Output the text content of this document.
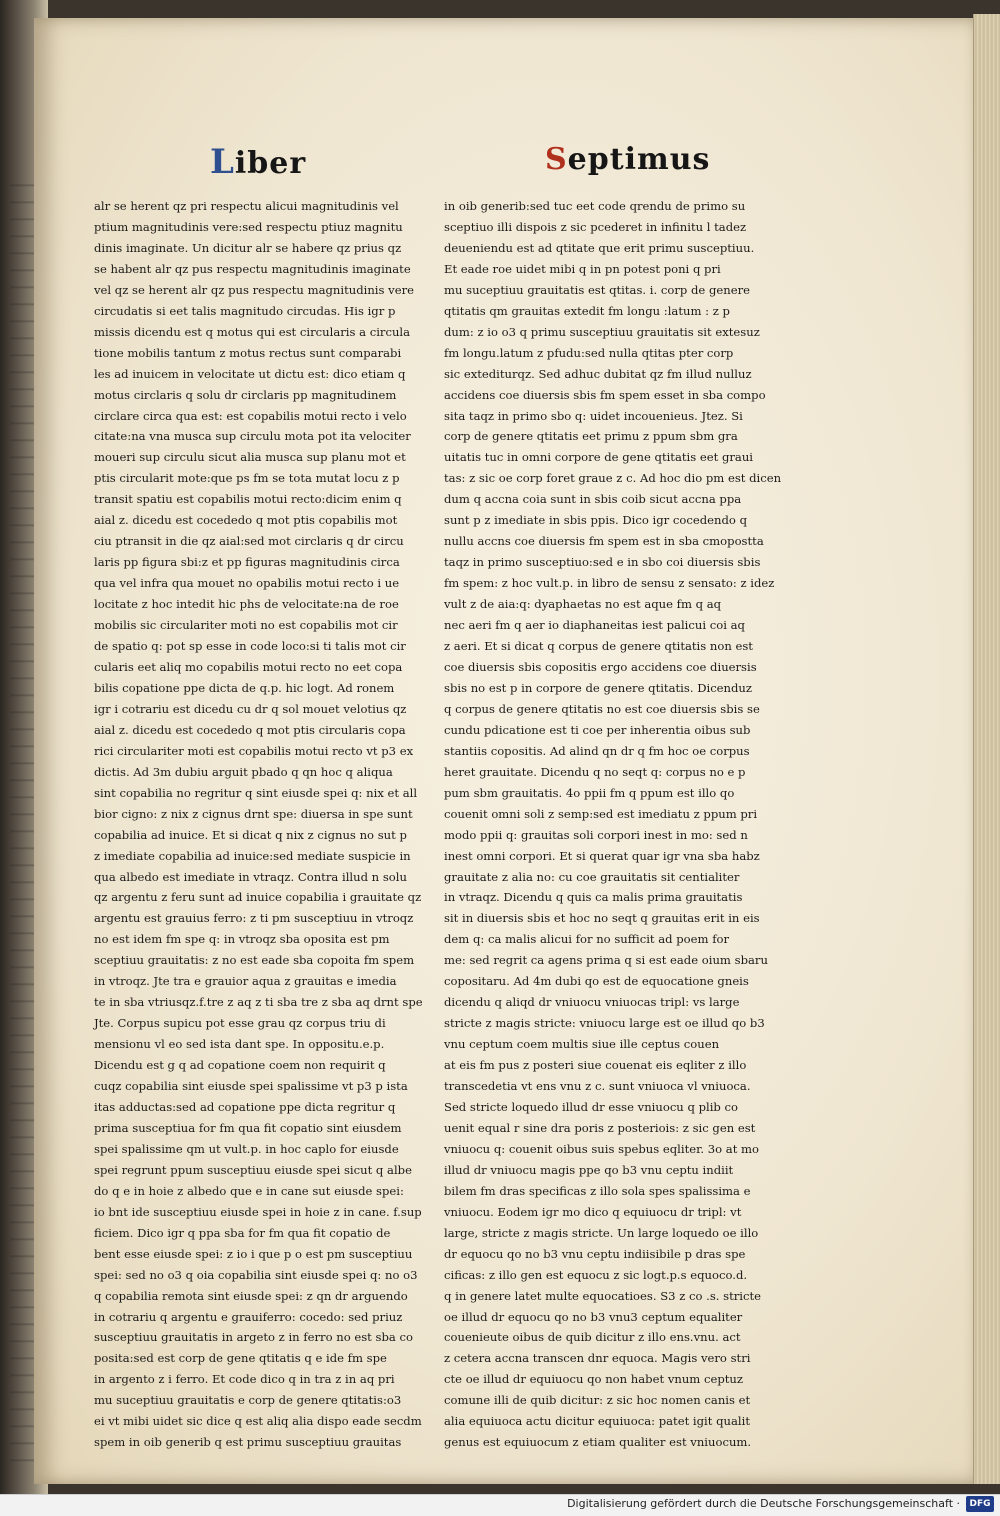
Liber	Septimus
alr se herent qz pri respectu alicui magnitudinis vel
ptium magnitudinis vere:sed respectu ptiuz magnitu
dinis imaginate. Un dicitur alr se habere qz prius qz
se habent alr qz pus respectu magnitudinis imaginate
vel qz se herent alr qz pus respectu magnitudinis vere
circudatis si eet talis magnitudo circudas. His igr p
missis dicendu est q motus qui est circularis a circula
tione mobilis tantum z motus rectus sunt comparabi
les ad inuicem in velocitate ut dictu est: dico etiam q
motus circlaris q solu dr circlaris pp magnitudinem
circlare circa qua est: est copabilis motui recto i velo
citate:na vna musca sup circulu mota pot ita velociter
moueri sup circulu sicut alia musca sup planu mot et
ptis circularit mote:que ps fm se tota mutat locu z p
transit spatiu est copabilis motui recto:dicim enim q
aial z. dicedu est cocededo q mot ptis copabilis mot
ciu ptransit in die qz aial:sed mot circlaris q dr circu
laris pp figura sbi:z et pp figuras magnitudinis circa
qua vel infra qua mouet no opabilis motui recto i ue
locitate z hoc intedit hic phs de velocitate:na de roe
mobilis sic circulariter moti no est copabilis mot cir
de spatio q: pot sp esse in code loco:si ti talis mot cir
cularis eet aliq mo copabilis motui recto no eet copa
bilis copatione ppe dicta de q.p. hic logt. Ad ronem
igr i cotrariu est dicedu cu dr q sol mouet velotius qz
aial z. dicedu est cocededo q mot ptis circularis copa
rici circulariter moti est copabilis motui recto vt p3 ex
dictis. Ad 3m dubiu arguit pbado q qn hoc q aliqua
sint copabilia no regritur q sint eiusde spei q: nix et all
bior cigno: z nix z cignus drnt spe: diuersa in spe sunt
copabilia ad inuice. Et si dicat q nix z cignus no sut p
z imediate copabilia ad inuice:sed mediate suspicie in
qua albedo est imediate in vtraqz. Contra illud n solu
qz argentu z feru sunt ad inuice copabilia i grauitate qz
argentu est grauius ferro: z ti pm susceptiuu in vtroqz
no est idem fm spe q: in vtroqz sba oposita est pm
sceptiuu grauitatis: z no est eade sba copoita fm spem
in vtroqz. Jte tra e grauior aqua z grauitas e imedia
te in sba vtriusqz.f.tre z aq z ti sba tre z sba aq drnt spe
Jte. Corpus supicu pot esse grau qz corpus triu di
mensionu vl eo sed ista dant spe. In oppositu.e.p.
Dicendu est g q ad copatione coem non requirit q
cuqz copabilia sint eiusde spei spalissime vt p3 p ista
itas adductas:sed ad copatione ppe dicta regritur q
prima susceptiua for fm qua fit copatio sint eiusdem
spei spalissime qm ut vult.p. in hoc caplo for eiusde
spei regrunt ppum susceptiuu eiusde spei sicut q albe
do q e in hoie z albedo que e in cane sut eiusde spei:
io bnt ide susceptiuu eiusde spei in hoie z in cane. f.sup
ficiem. Dico igr q ppa sba for fm qua fit copatio de
bent esse eiusde spei: z io i que p o est pm susceptiuu
spei: sed no o3 q oia copabilia sint eiusde spei q: no o3
q copabilia remota sint eiusde spei: z qn dr arguendo
in cotrariu q argentu e grauiferro: cocedo: sed priuz
susceptiuu grauitatis in argeto z in ferro no est sba co
posita:sed est corp de gene qtitatis q e ide fm spe
in argento z i ferro. Et code dico q in tra z in aq pri
mu suceptiuu grauitatis e corp de genere qtitatis:o3
ei vt mibi uidet sic dice q est aliq alia dispo eade secdm
spem in oib generib q est primu susceptiuu grauitas
in oib generib:sed tuc eet code qrendu de primo su
sceptiuo illi dispois z sic pcederet in infinitu l tadez
deueniendu est ad qtitate que erit primu susceptiuu.
Et eade roe uidet mibi q in pn potest poni q pri
mu suceptiuu grauitatis est qtitas. i. corp de genere
qtitatis qm grauitas extedit fm longu :latum : z p
dum: z io o3 q primu susceptiuu grauitatis sit extesuz
fm longu.latum z pfudu:sed nulla qtitas pter corp
sic extediturqz. Sed adhuc dubitat qz fm illud nulluz
accidens coe diuersis sbis fm spem esset in sba compo
sita taqz in primo sbo q: uidet incouenieus. Jtez. Si
corp de genere qtitatis eet primu z ppum sbm gra
uitatis tuc in omni corpore de gene qtitatis eet graui
tas: z sic oe corp foret graue z c. Ad hoc dio pm est dicen
dum q accna coia sunt in sbis coib sicut accna ppa
sunt p z imediate in sbis ppis. Dico igr cocedendo q
nullu accns coe diuersis fm spem est in sba cmopostta
taqz in primo susceptiuo:sed e in sbo coi diuersis sbis
fm spem: z hoc vult.p. in libro de sensu z sensato: z idez
vult z de aia:q: dyaphaetas no est aque fm q aq
nec aeri fm q aer io diaphaneitas iest palicui coi aq
z aeri. Et si dicat q corpus de genere qtitatis non est
coe diuersis sbis copositis ergo accidens coe diuersis
sbis no est p in corpore de genere qtitatis. Dicenduz
q corpus de genere qtitatis no est coe diuersis sbis se
cundu pdicatione est ti coe per inherentia oibus sub
stantiis copositis. Ad alind qn dr q fm hoc oe corpus
heret grauitate. Dicendu q no seqt q: corpus no e p
pum sbm grauitatis. 4o ppii fm q ppum est illo qo
couenit omni soli z semp:sed est imediatu z ppum pri
modo ppii q: grauitas soli corpori inest in mo: sed n
inest omni corpori. Et si querat quar igr vna sba habz
grauitate z alia no: cu coe grauitatis sit centialiter
in vtraqz. Dicendu q quis ca malis prima grauitatis
sit in diuersis sbis et hoc no seqt q grauitas erit in eis
dem q: ca malis alicui for no sufficit ad poem for
me: sed regrit ca agens prima q si est eade oium sbaru
copositaru. Ad 4m dubi qo est de equocatione gneis
dicendu q aliqd dr vniuocu vniuocas tripl: vs large
stricte z magis stricte: vniuocu large est oe illud qo b3
vnu ceptum coem multis siue ille ceptus couen
at eis fm pus z posteri siue couenat eis eqliter z illo
transcedetia vt ens vnu z c. sunt vniuoca vl vniuoca.
Sed stricte loquedo illud dr esse vniuocu q plib co
uenit equal r sine dra poris z posteriois: z sic gen est
vniuocu q: couenit oibus suis spebus eqliter. 3o at mo
illud dr vniuocu magis ppe qo b3 vnu ceptu indiit
bilem fm dras specificas z illo sola spes spalissima e
vniuocu. Eodem igr mo dico q equiuocu dr tripl: vt
large, stricte z magis stricte. Un large loquedo oe illo
dr equocu qo no b3 vnu ceptu indiisibile p dras spe
cificas: z illo gen est equocu z sic logt.p.s equoco.d.
q in genere latet multe equocatioes. S3 z co .s. stricte
oe illud dr equocu qo no b3 vnu3 ceptum equaliter
couenieute oibus de quib dicitur z illo ens.vnu. act
z cetera accna transcen dnr equoca. Magis vero stri
cte oe illud dr equiuocu qo non habet vnum ceptuz
comune illi de quib dicitur: z sic hoc nomen canis et
alia equiuoca actu dicitur equiuoca: patet igit qualit
genus est equiuocum z etiam qualiter est vniuocum.
Digitalisierung gefördert durch die Deutsche Forschungsgemeinschaft ·	DFG
